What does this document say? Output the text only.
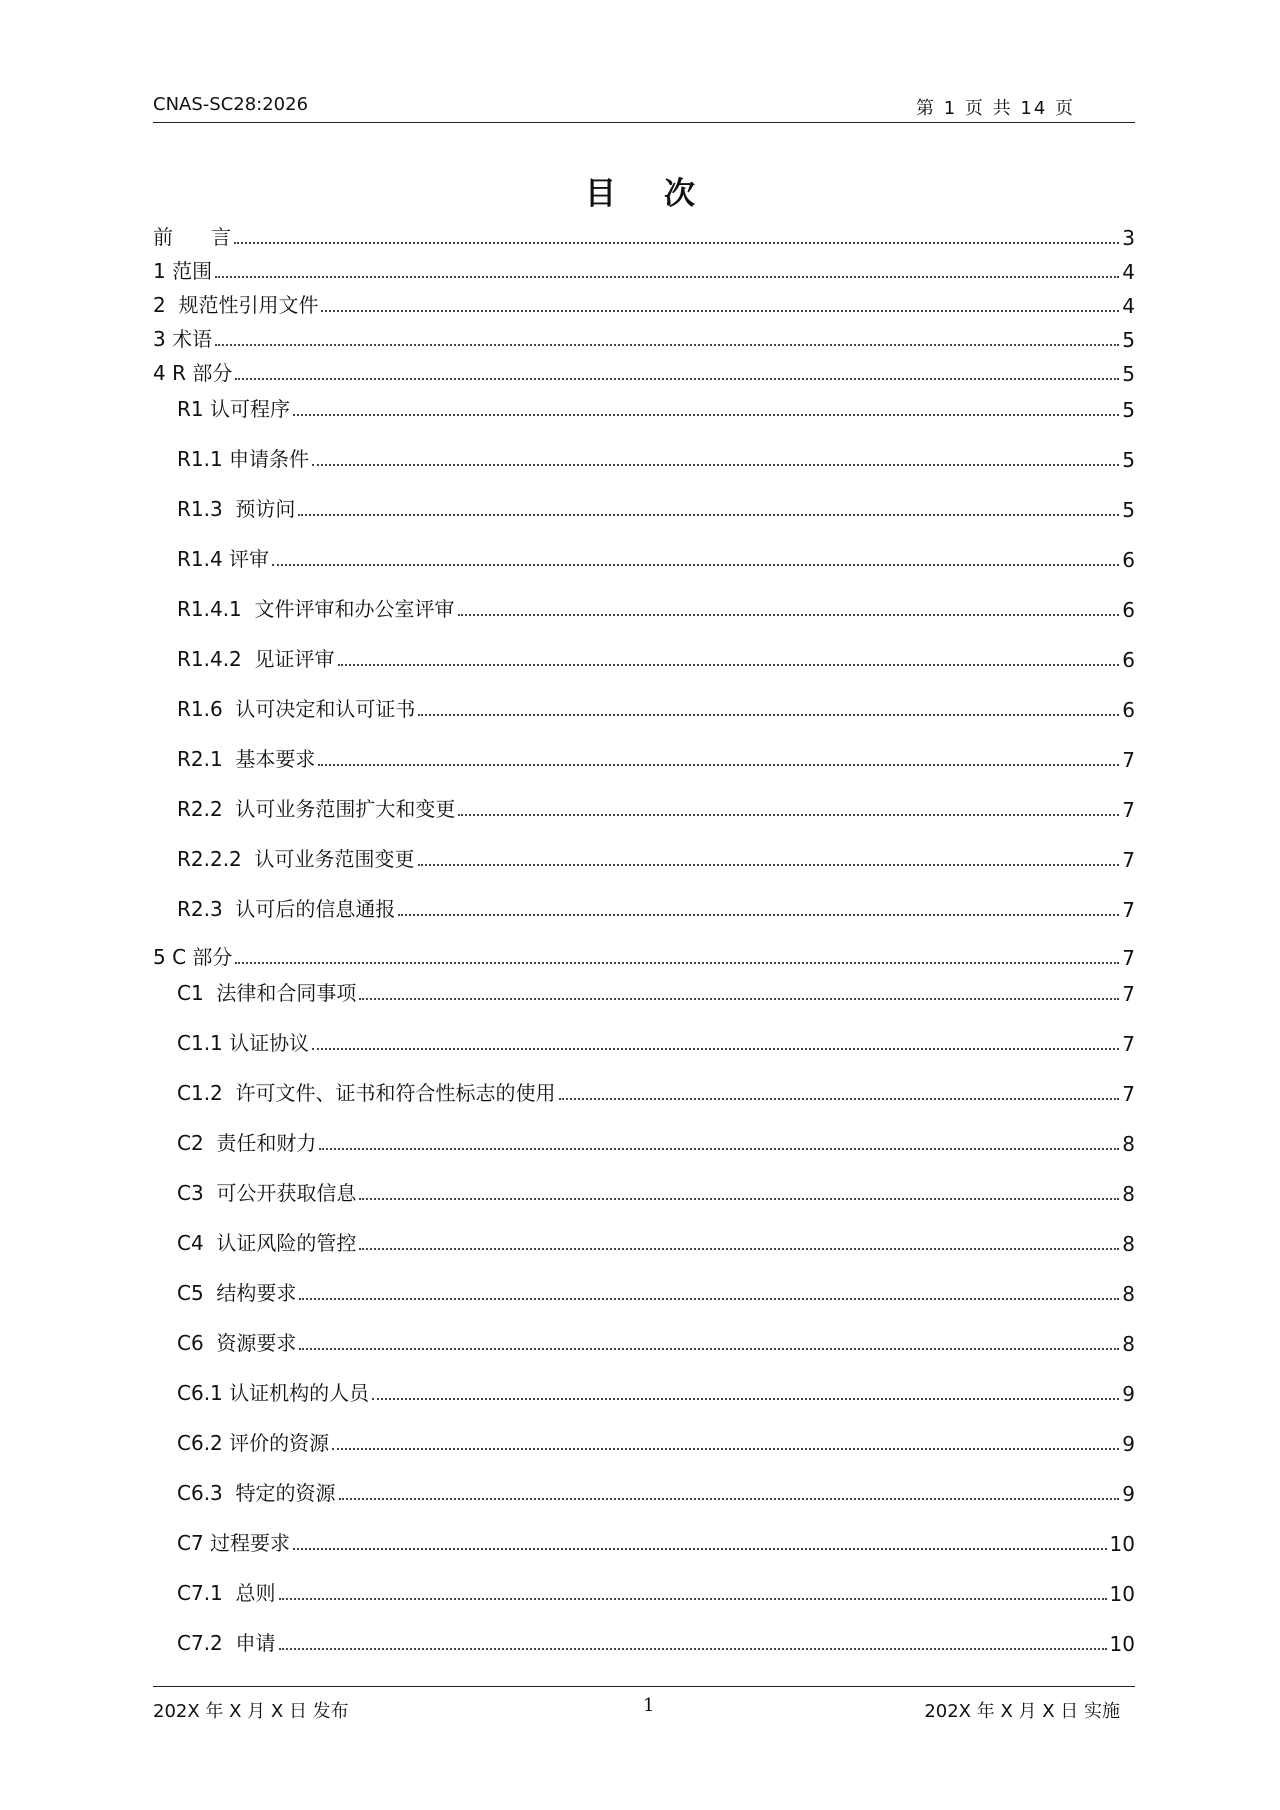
CNAS-SC28:2026	第 1 页 共 14 页
目次
前      言	3
1 范围	4
2  规范性引用文件	4
3 术语	5
4 R 部分	5
R1 认可程序	5
R1.1 申请条件	5
R1.3  预访问	5
R1.4 评审	6
R1.4.1  文件评审和办公室评审	6
R1.4.2  见证评审	6
R1.6  认可决定和认可证书	6
R2.1  基本要求	7
R2.2  认可业务范围扩大和变更	7
R2.2.2  认可业务范围变更	7
R2.3  认可后的信息通报	7
5 C 部分	7
C1  法律和合同事项	7
C1.1 认证协议	7
C1.2  许可文件、证书和符合性标志的使用	7
C2  责任和财力	8
C3  可公开获取信息	8
C4  认证风险的管控	8
C5  结构要求	8
C6  资源要求	8
C6.1 认证机构的人员	9
C6.2 评价的资源	9
C6.3  特定的资源	9
C7 过程要求	10
C7.1  总则	10
C7.2  申请	10
202X 年 X 月 X 日 发布	1	202X 年 X 月 X 日 实施
